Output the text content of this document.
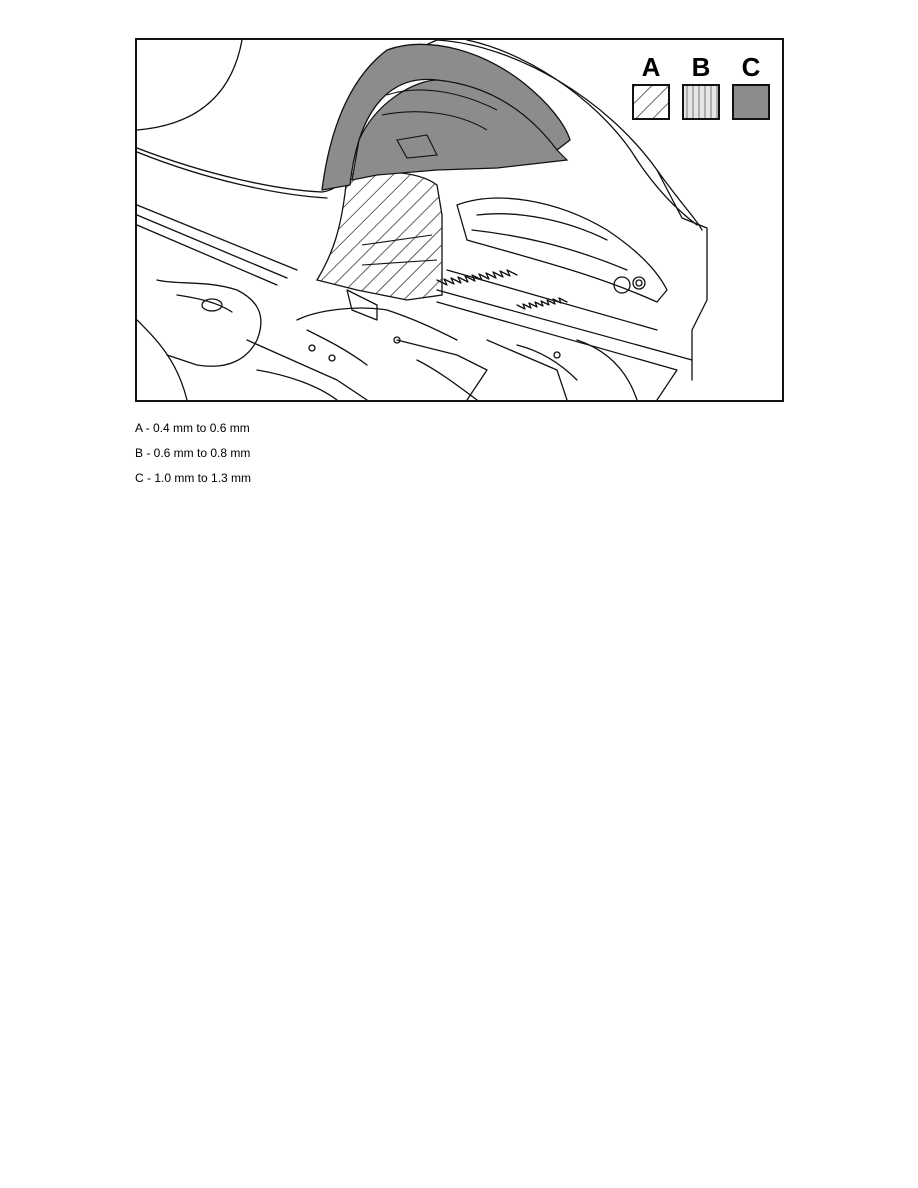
A	B	C
A - 0.4 mm to 0.6 mm
B - 0.6 mm to 0.8 mm
C - 1.0 mm to 1.3 mm
